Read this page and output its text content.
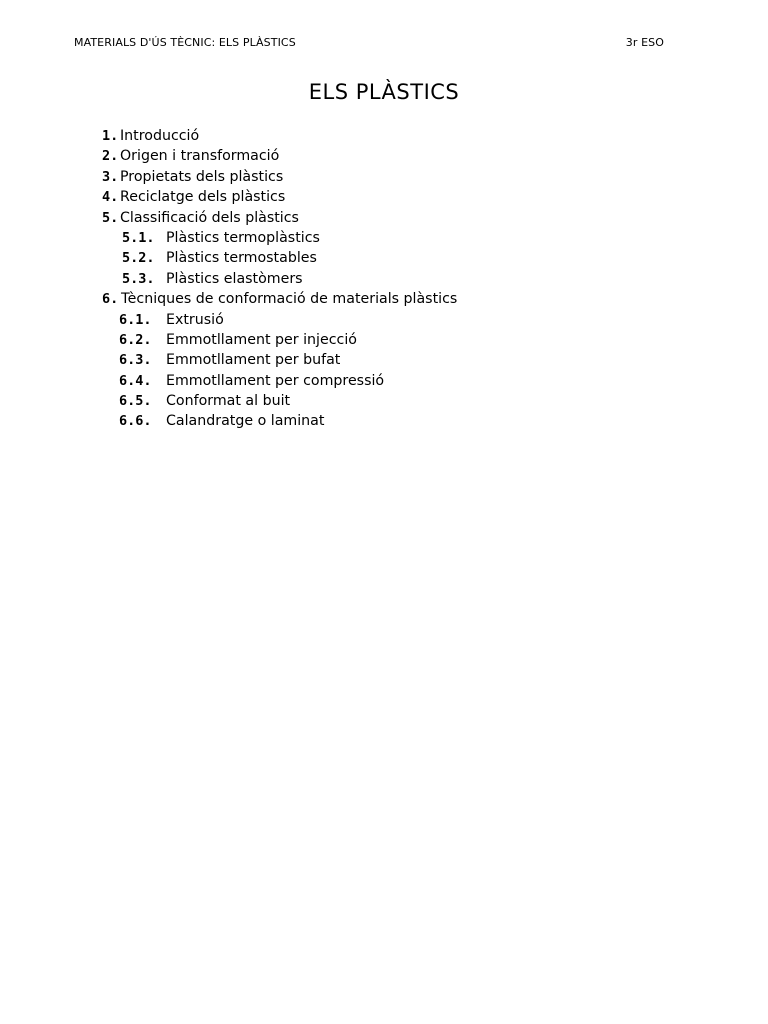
MATERIALS D'ÚS TÈCNIC: ELS PLÀSTICS	3r ESO
ELS PLÀSTICS
1. Introducció
2. Origen i transformació
3. Propietats dels plàstics
4. Reciclatge dels plàstics
5. Classificació dels plàstics
5.1. Plàstics termoplàstics
5.2. Plàstics termostables
5.3. Plàstics elastòmers
6. Tècniques de conformació de materials plàstics
6.1. Extrusió
6.2. Emmotllament per injecció
6.3. Emmotllament per bufat
6.4. Emmotllament per compressió
6.5. Conformat al buit
6.6. Calandratge o laminat
